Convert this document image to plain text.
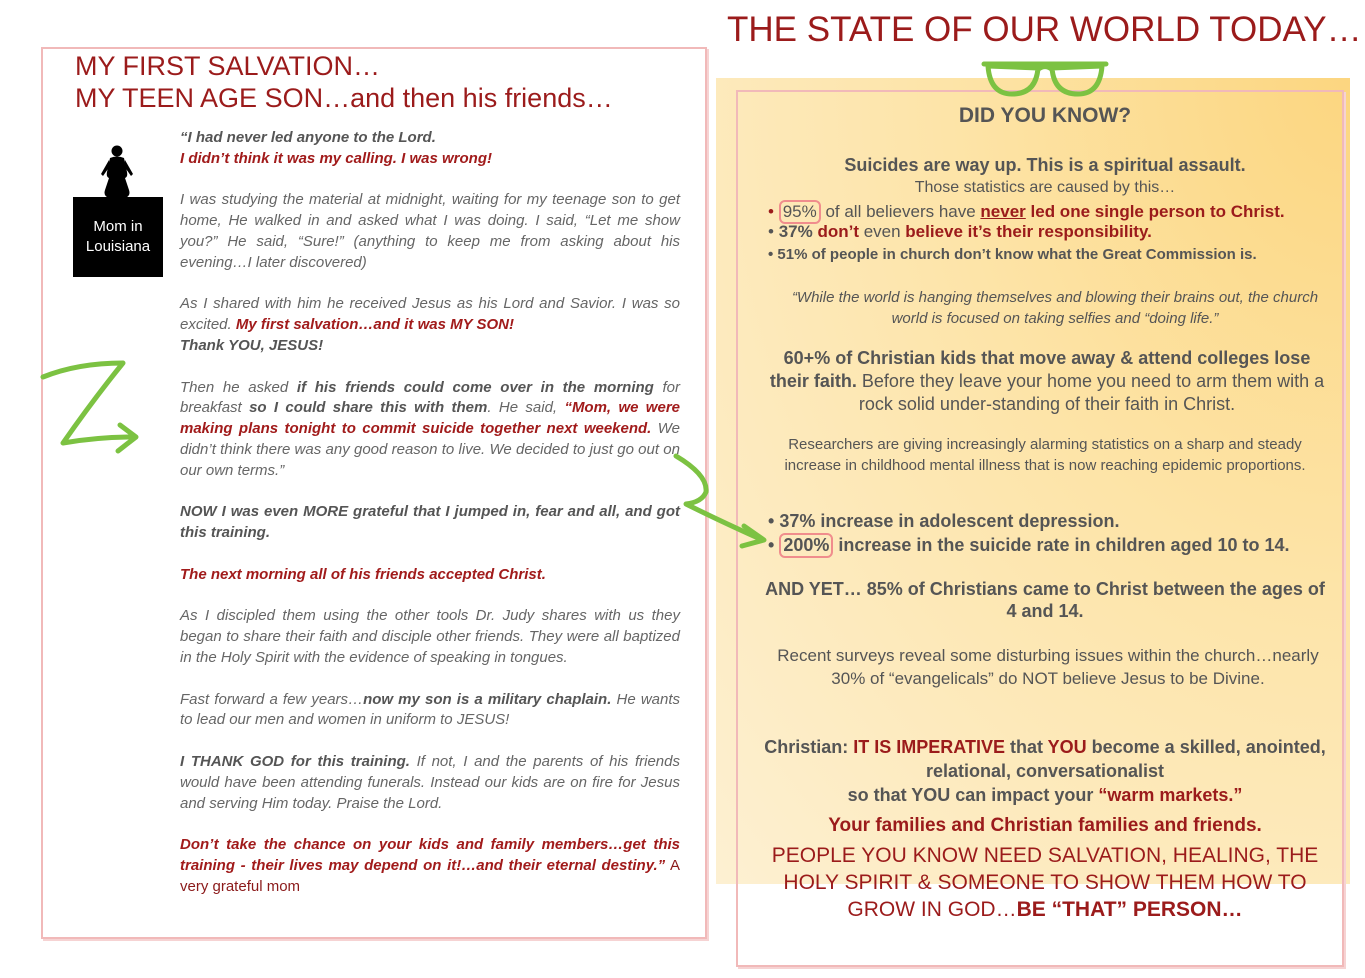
MY FIRST SALVATION…
MY TEEN AGE SON…and then his friends…
Mom in
Louisiana

“I had never led anyone to the Lord.
I didn’t think it was my calling. I was wrong!

I was studying the material at midnight, waiting for my teenage son to get home, He walked in and asked what I was doing. I said, “Let me show you?” He said, “Sure!” (anything to keep me from asking about his evening…I later discovered)

As I shared with him he received Jesus as his Lord and Savior. I was so excited. My first salvation…and it was MY SON!
Thank YOU, JESUS!

Then he asked if his friends could come over in the morning for breakfast so I could share this with them. He said, “Mom, we were making plans tonight to commit suicide together next weekend. We didn’t think there was any good reason to live. We decided to just go out on our own terms.”

NOW I was even MORE grateful that I jumped in, fear and all, and got this training.

The next morning all of his friends accepted Christ.

As I discipled them using the other tools Dr. Judy shares with us they began to share their faith and disciple other friends. They were all baptized in the Holy Spirit with the evidence of speaking in tongues.

Fast forward a few years…now my son is a military chaplain. He wants to lead our men and women in uniform to JESUS!

I THANK GOD for this training. If not, I and the parents of his friends would have been attending funerals. Instead our kids are on fire for Jesus and serving Him today. Praise the Lord.

Don’t take the chance on your kids and family members…get this training - their lives may depend on it!…and their eternal destiny.” A very grateful mom

THE STATE OF OUR WORLD TODAY…
DID YOU KNOW?
Suicides are way up. This is a spiritual assault.
Those statistics are caused by this…
• 95% of all believers have never led one single person to Christ.
• 37% don’t even believe it’s their responsibility.
• 51% of people in church don’t know what the Great Commission is.
“While the world is hanging themselves and blowing their brains out, the church world is focused on taking selfies and “doing life.”
60+% of Christian kids that move away & attend colleges lose their faith. Before they leave your home you need to arm them with a rock solid under-standing of their faith in Christ.
Researchers are giving increasingly alarming statistics on a sharp and steady increase in childhood mental illness that is now reaching epidemic proportions.
• 37% increase in adolescent depression.
• 200% increase in the suicide rate in children aged 10 to 14.
AND YET… 85% of Christians came to Christ between the ages of 4 and 14.
Recent surveys reveal some disturbing issues within the church…nearly 30% of “evangelicals” do NOT believe Jesus to be Divine.
Christian: IT IS IMPERATIVE that YOU become a skilled, anointed, relational, conversationalist
so that YOU can impact your “warm markets.”
Your families and Christian families and friends.
PEOPLE YOU KNOW NEED SALVATION, HEALING, THE HOLY SPIRIT & SOMEONE TO SHOW THEM HOW TO GROW IN GOD…BE “THAT” PERSON…
